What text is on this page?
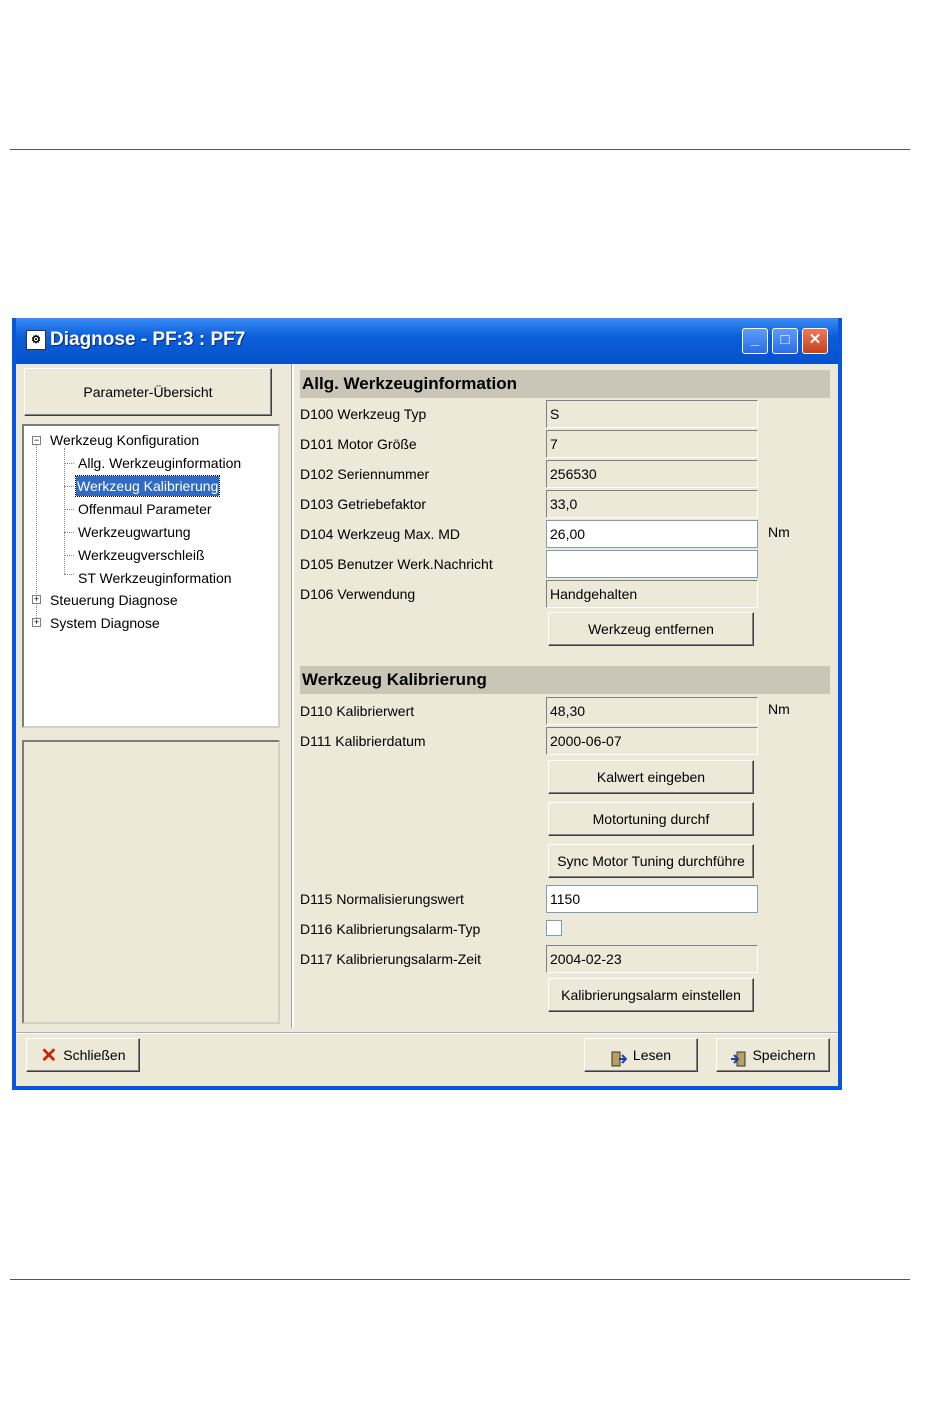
⚙ Diagnose - PF:3 : PF7	_	□	✕
Parameter-Übersicht
− Werkzeug Konfiguration
Allg. Werkzeuginformation
Werkzeug Kalibrierung
Offenmaul Parameter
Werkzeugwartung
Werkzeugverschleiß
ST Werkzeuginformation
+ Steuerung Diagnose
+ System Diagnose
Allg. Werkzeuginformation
D100 Werkzeug Typ	S
D101 Motor Größe	7
D102 Seriennummer	256530
D103 Getriebefaktor	33,0
D104 Werkzeug Max. MD	26,00	Nm
D105 Benutzer Werk.Nachricht
D106 Verwendung	Handgehalten
Werkzeug entfernen
Werkzeug Kalibrierung
D110 Kalibrierwert	48,30	Nm
D111 Kalibrierdatum	2000-06-07
Kalwert eingeben
Motortuning durchf
Sync Motor Tuning durchführe
D115 Normalisierungswert	1150
D116 Kalibrierungsalarm-Typ
D117 Kalibrierungsalarm-Zeit	2004-02-23
Kalibrierungsalarm einstellen
✕ Schließen	Lesen	Speichern
